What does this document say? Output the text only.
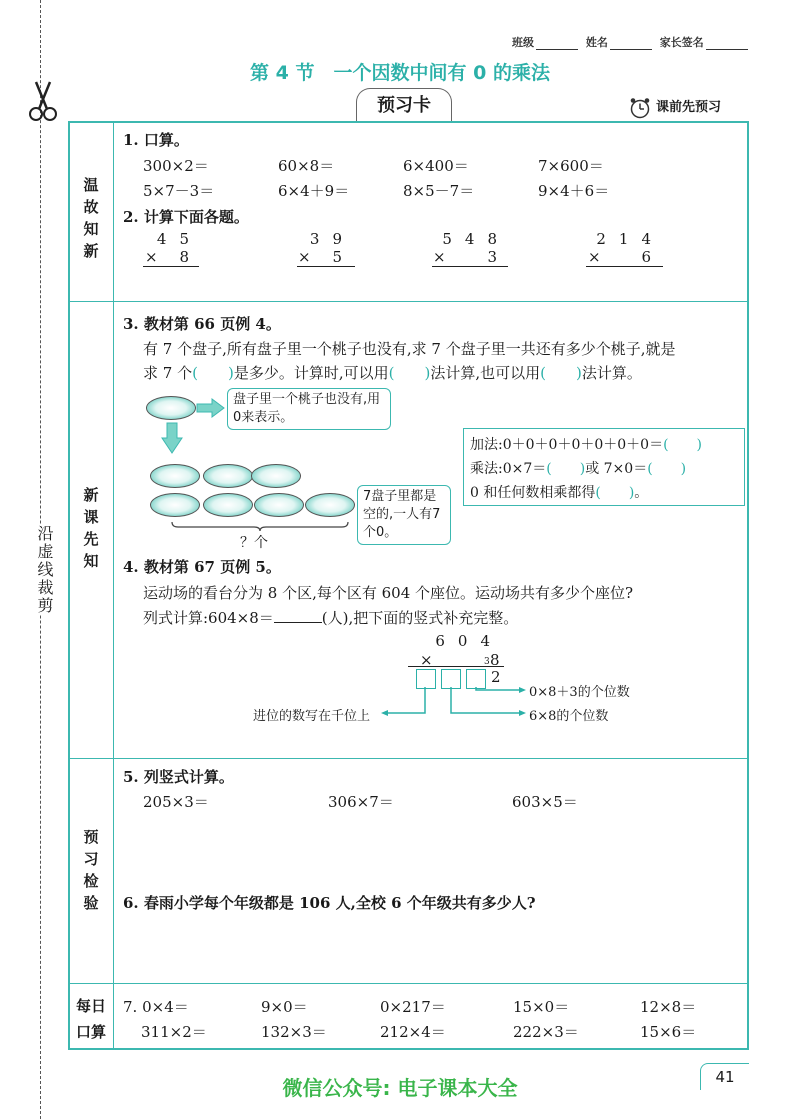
沿虚线裁剪
班级	姓名	家长签名
第 4 节　一个因数中间有 0 的乘法
预习卡	课前先预习
温故知新
新课先知
预习检验
每日
口算
1. 口算。
300×2＝	60×8＝	6×400＝	7×600＝
5×7－3＝	6×4＋9＝	8×5－7＝	9×4＋6＝
2. 计算下面各题。
45
×	8
39
×	5
548
×	3
214
×	6
3. 教材第 66 页例 4。
有 7 个盘子,所有盘子里一个桃子也没有,求 7 个盘子里一共还有多少个桃子,就是
求 7 个(  )是多少。计算时,可以用(  )法计算,也可以用(  )法计算。
盘子里一个桃子也没有,用0来表示。
？个
7盘子里都是空的,一人有7个0。
加法:0＋0＋0＋0＋0＋0＋0＝(  )
乘法:0×7＝(  )或 7×0＝(  )
0 和任何数相乘都得(  )。
4. 教材第 67 页例 5。
运动场的看台分为 8 个区,每个区有 604 个座位。运动场共有多少个座位?
列式计算:604×8＝	(人),把下面的竖式补充完整。
604
×	3 8
2
0×8＋3的个位数
6×8的个位数
进位的数写在千位上
5. 列竖式计算。
205×3＝	306×7＝	603×5＝
6. 春雨小学每个年级都是 106 人,全校 6 个年级共有多少人?
7. 0×4＝	9×0＝	0×217＝	15×0＝	12×8＝
311×2＝	132×3＝	212×4＝	222×3＝	15×6＝
微信公众号: 电子课本大全	41
